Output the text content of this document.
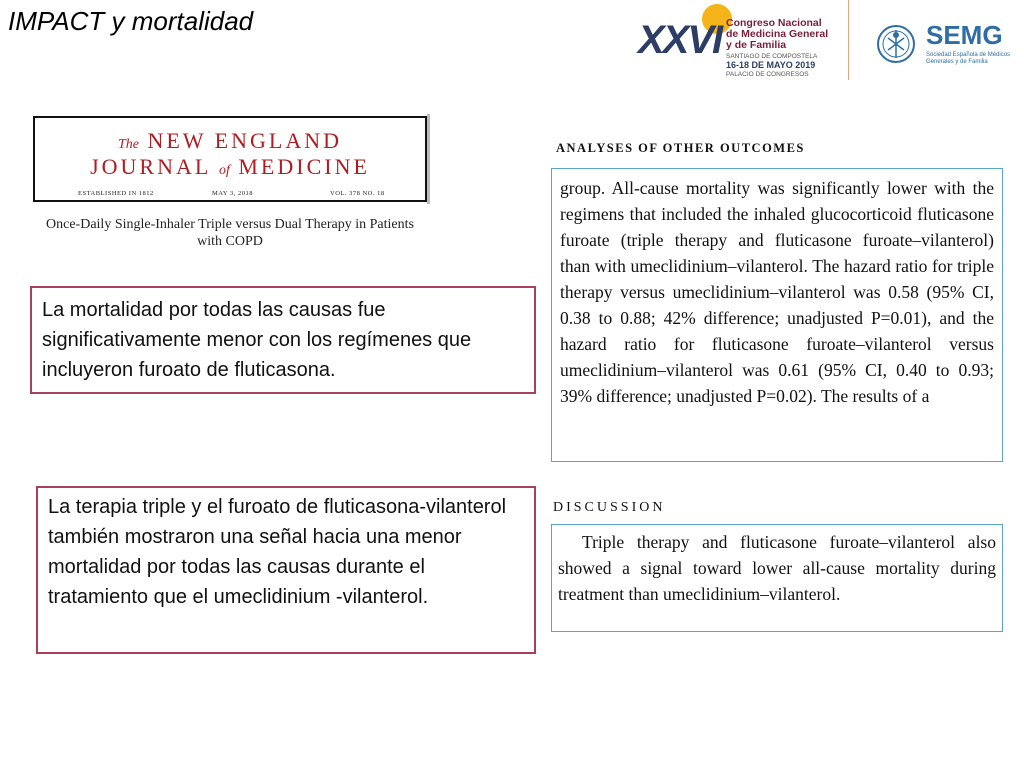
IMPACT y mortalidad	XXVI Congreso Nacional
de Medicina General
y de Familia
SANTIAGO DE COMPOSTELA
16-18 DE MAYO 2019
PALACIO DE CONGRESOS
SEMG
Sociedad Española de Médicos
Generales y de Familia
The NEW ENGLAND
JOURNAL of MEDICINE
ESTABLISHED IN 1812	MAY 3, 2018	VOL. 378 NO. 18
Once-Daily Single-Inhaler Triple versus Dual Therapy in Patients with COPD
La mortalidad por todas las causas fue significativamente menor con los regímenes que incluyeron furoato de fluticasona.
La terapia triple y el furoato de fluticasona-vilanterol también mostraron una señal hacia una menor mortalidad por todas las causas durante el tratamiento que el umeclidinium -vilanterol.
ANALYSES OF OTHER OUTCOMES
group. All-cause mortality was significantly lower with the regimens that included the inhaled glucocorticoid fluticasone furoate (triple therapy and fluticasone furoate–vilanterol) than with umeclidinium–vilanterol. The hazard ratio for triple therapy versus umeclidinium–vilanterol was 0.58 (95% CI, 0.38 to 0.88; 42% difference; unadjusted P=0.01), and the hazard ratio for fluticasone furoate–vilanterol versus umeclidinium–vilanterol was 0.61 (95% CI, 0.40 to 0.93; 39% difference; unadjusted P=0.02). The results of a
DISCUSSION
Triple therapy and fluticasone furoate–vilanterol also showed a signal toward lower all-cause mortality during treatment than umeclidinium–vilanterol.
